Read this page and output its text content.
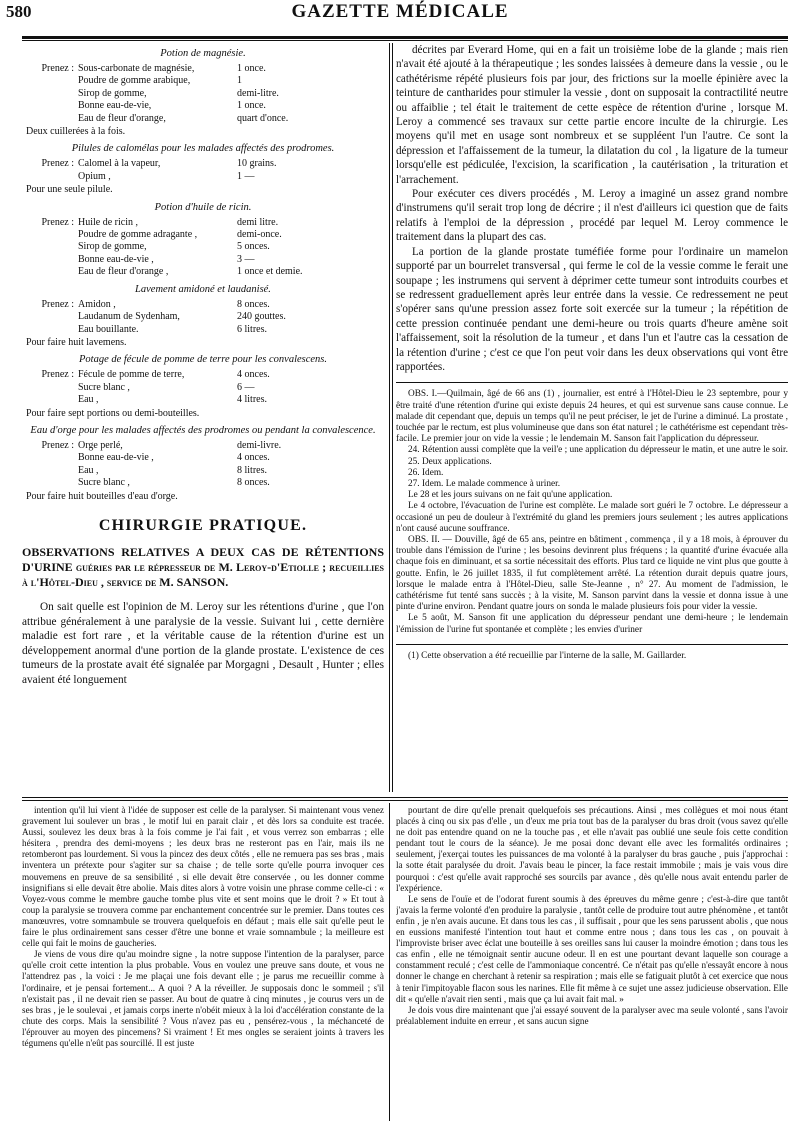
580	GAZETTE MÉDICALE
Potion de magnésie.
Prenez : Sous-carbonate de magnésie,	1 once.
Poudre de gomme arabique,	1
Sirop de gomme,	demi-litre.
Bonne eau-de-vie,	1 once.
Eau de fleur d'orange,	quart d'once.
Deux cuillerées à la fois.
Pilules de calomélas pour les malades affectés des prodromes.
Prenez : Calomel à la vapeur,	10 grains.
Opium ,	1 —
Pour une seule pilule.
Potion d'huile de ricin.
Prenez : Huile de ricin ,	demi litre.
Poudre de gomme adragante ,	demi-once.
Sirop de gomme,	5 onces.
Bonne eau-de-vie ,	3 —
Eau de fleur d'orange ,	1 once et demie.
Lavement amidoné et laudanisé.
Prenez : Amidon ,	8 onces.
Laudanum de Sydenham,	240 gouttes.
Eau bouillante.	6 litres.
Pour faire huit lavemens.
Potage de fécule de pomme de terre pour les convalescens.
Prenez : Fécule de pomme de terre,	4 onces.
Sucre blanc ,	6 —
Eau ,	4 litres.
Pour faire sept portions ou demi-bouteilles.
Eau d'orge pour les malades affectés des prodromes ou pendant la convalescence.
Prenez : Orge perlé,	demi-livre.
Bonne eau-de-vie ,	4 onces.
Eau ,	8 litres.
Sucre blanc ,	8 onces.
Pour faire huit bouteilles d'eau d'orge.
CHIRURGIE PRATIQUE.
OBSERVATIONS RELATIVES A DEUX CAS DE RÉTENTIONS D'URINE guéries par le répresseur de M. Leroy-d'Etiolle ; recueillies à l'Hôtel-Dieu , service de M. SANSON.

On sait quelle est l'opinion de M. Leroy sur les rétentions d'urine , que l'on attribue généralement à une paralysie de la vessie. Suivant lui , cette dernière maladie est fort rare , et la véritable cause de la rétention d'urine est un développement anormal d'une portion de la glande prostate. L'existence de ces tumeurs de la prostate avait été signalée par Morgagni , Desault , Hunter ; elles avaient été longuement

décrites par Everard Home, qui en a fait un troisième lobe de la glande ; mais rien n'avait été ajouté à la thérapeutique ; les sondes laissées à demeure dans la vessie , ou le cathétérisme répété plusieurs fois par jour, des frictions sur la moelle épinière avec la teinture de cantharides pour stimuler la vessie , dont on supposait la contractilité neutre ou affaiblie ; tel était le traitement de cette espèce de rétention d'urine , lorsque M. Leroy a commencé ses travaux sur cette partie encore inculte de la chirurgie. Les moyens qu'il met en usage sont nombreux et se suppléent l'un l'autre. Ce sont la dépression et l'affaissement de la tumeur, la dilatation du col , la ligature de la tumeur lorsqu'elle est pédiculée, l'excision, la scarification , la cautérisation , la trituration et l'arrachement.

Pour exécuter ces divers procédés , M. Leroy a imaginé un assez grand nombre d'instrumens qu'il serait trop long de décrire ; il n'est d'ailleurs ici question que de faits relatifs à l'emploi de la dépression , procédé par lequel M. Leroy commence le traitement dans la plupart des cas.

La portion de la glande prostate tuméfiée forme pour l'ordinaire un mamelon supporté par un bourrelet transversal , qui ferme le col de la vessie comme le ferait une soupape ; les instrumens qui servent à déprimer cette tumeur sont introduits courbes et se redressent graduellement après leur entrée dans la vessie. Ce redressement ne peut s'opérer sans qu'une pression assez forte soit exercée sur la tumeur ; la répétition de cette pression continuée pendant une demi-heure ou trois quarts d'heure amène soit l'affaissement, soit la résolution de la tumeur , et dans l'un et l'autre cas la cessation de la rétention d'urine ; c'est ce que l'on peut voir dans les deux observations qui vont être rapportées.

OBS. I.—Quilmain, âgé de 66 ans (1) , journalier, est entré à l'Hôtel-Dieu le 23 septembre, pour y être traité d'une rétention d'urine qui existe depuis 24 heures, et qui est survenue sans cause connue. Le malade dit cependant que, depuis un temps qu'il ne peut préciser, le jet de l'urine a diminué. La prostate , touchée par le rectum, est plus volumineuse que dans son état naturel ; le cathétérisme est cependant très-facile. Le premier jour on vide la vessie ; le lendemain M. Sanson fait l'application du dépresseur.

24. Rétention aussi complète que la veil'e ; une application du dépresseur le matin, et une autre le soir.

25. Deux applications.

26. Idem.

27. Idem. Le malade commence à uriner.

Le 28 et les jours suivans on ne fait qu'une application.

Le 4 octobre, l'évacuation de l'urine est complète. Le malade sort guéri le 7 octobre. Le dépresseur a occasioné un peu de douleur à l'extrémité du gland les premiers jours seulement ; les autres applications n'ont causé aucune souffrance.

OBS. II. — Douville, âgé de 65 ans, peintre en bâtiment , commença , il y a 18 mois, à éprouver du trouble dans l'émission de l'urine ; les besoins devinrent plus fréquens ; la quantité d'urine évacuée alla chaque fois en diminuant, et sa sortie nécessitait des efforts. Plus tard ce liquide ne vint plus que goutte à goutte. Enfin, le 26 juillet 1835, il fut complètement arrêté. La rétention durait depuis quatre jours, lorsque le malade entra à l'Hôtel-Dieu, salle Ste-Jeanne , n° 27. Au moment de l'admission, le cathétérisme fut tenté sans succès ; à la visite, M. Sanson parvint dans la vessie et donna issue à une pinte d'urine environ. Pendant quatre jours on sonda le malade plusieurs fois pour vider la vessie.

Le 5 août, M. Sanson fit une application du dépresseur pendant une demi-heure ; le lendemain l'émission de l'urine fut spontanée et complète ; les envies d'uriner

(1) Cette observation a été recueillie par l'interne de la salle, M. Gaillarder.

intention qu'il lui vient à l'idée de supposer est celle de la paralyser. Si maintenant vous venez gravement lui soulever un bras , le motif lui en parait clair , et dès lors sa conduite est tracée. Aussi, soulevez les deux bras à la fois comme je l'ai fait , et vous verrez son embarras ; elle hésitera , prendra des demi-moyens ; les deux bras ne resteront pas en l'air, mais ils ne retomberont pas lourdement. Si vous la pincez des deux côtés , elle ne remuera pas ses bras , mais inventera un prétexte pour s'agiter sur sa chaise ; de telle sorte qu'elle pourra invoquer ces mouvemens en preuve de sa sensibilité , si elle devait être conservée , ou les donner comme insignifians si elle devait être abolie. Mais dites alors à votre voisin une phrase comme celle-ci : « Voyez-vous comme le membre gauche tombe plus vite et sent moins que le droit ? » Et tout à coup la paralysie se trouvera comme par enchantement concentrée sur le premier. Dans toutes ces manœuvres, votre somnambule se trouvera quelquefois en défaut ; mais elle sait qu'elle peut le faire le plus ordinairement sans cesser d'être une bonne et vraie somnambule ; la meilleure est celle qui fait le moins de gaucheries.

Je viens de vous dire qu'au moindre signe , la notre suppose l'intention de la paralyser, parce qu'elle croit cette intention la plus probable. Vous en voulez une preuve sans doute, et vous ne l'attendrez pas , la voici : Je me plaçai une fois devant elle ; je parus me recueillir comme à l'ordinaire, et je pensai fortement... A quoi ? A la réveiller. Je supposais donc le sommeil ; s'il n'existait pas , il ne devait rien se passer. Au bout de quatre à cinq minutes , je courus vers un de ses bras , je le soulevai , et jamais corps inerte n'obéit mieux à la loi d'accélération constante de la chute des corps. Mais la sensibilité ? Vous n'avez pas eu , pensérez-vous , la méchanceté de l'éprouver au moyen des pincemens? Si vraiment ! Et mes ongles se seraient joints à travers les tégumens qu'elle n'eût pas sourcillé. Il est juste

pourtant de dire qu'elle prenait quelquefois ses précautions. Ainsi , mes collègues et moi nous étant placés à cinq ou six pas d'elle , un d'eux me pria tout bas de la paralyser du bras droit (vous savez qu'elle ne doit pas entendre quand on ne la touche pas , et elle n'avait pas oublié une seule fois cette condition pendant tout le cours de la séance). Je me posai donc devant elle avec les formalités ordinaires ; seulement, j'exerçai toutes les puissances de ma volonté à la paralyser du bras gauche , puis j'approchai : la sotte était paralysée du droit. J'avais beau le pincer, la face restait immobile ; mais je vais vous dire pourquoi : c'est qu'elle avait rapproché ses sourcils par avance , dès qu'elle nous avait entendu parler de l'expérience.

Le sens de l'ouïe et de l'odorat furent soumis à des épreuves du même genre ; c'est-à-dire que tantôt j'avais la ferme volonté d'en produire la paralysie , tantôt celle de produire tout autre phénomène , et tantôt enfin , je n'en avais aucune. Et dans tous les cas , il suffisait , pour que les sens parussent abolis , que nous en eussions manifesté l'intention tout haut et comme entre nous ; dans tous les cas , on pouvait à l'improviste briser avec éclat une bouteille à ses oreilles sans lui causer la moindre émotion ; dans tous les cas enfin , elle ne témoignait sentir aucune odeur. Il en est une pourtant devant laquelle son courage a constamment reculé ; c'est celle de l'ammoniaque concentré. Ce n'était pas qu'elle n'essayât encore à nous donner le change en cherchant à retenir sa respiration ; mais elle se fatiguait plutôt à cet exercice que nous à tenir l'impitoyable flacon sous les narines. Elle fit même à ce sujet une assez judicieuse observation. Elle dit « qu'elle n'avait rien senti , mais que ça lui avait fait mal. »

Je dois vous dire maintenant que j'ai essayé souvent de la paralyser avec ma seule volonté , sans l'avoir préalablement induite en erreur , et sans aucun signe
